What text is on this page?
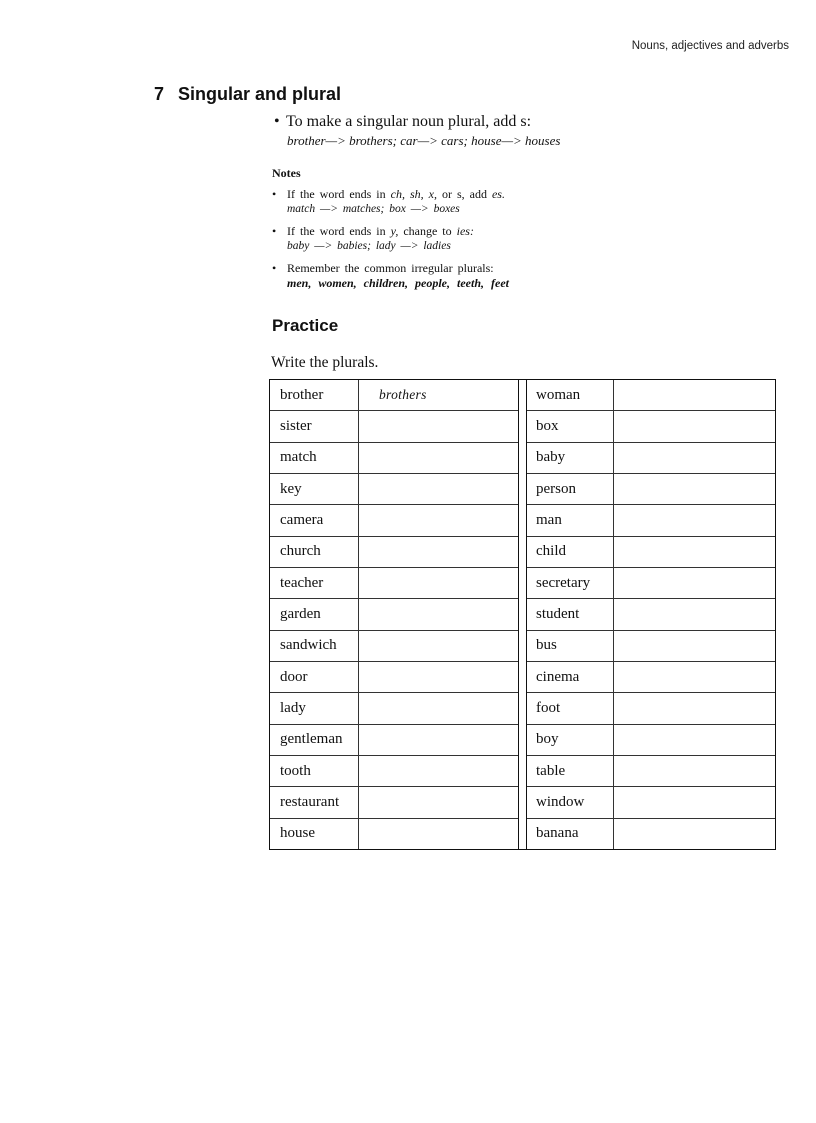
Nouns, adjectives and adverbs
7 Singular and plural
• To make a singular noun plural, add s:
brother—> brothers; car—> cars; house—> houses
Notes
• If the word ends in ch, sh, x, or s, add es.
match —> matches; box —> boxes
• If the word ends in y, change to ies:
baby —> babies; lady —> ladies
• Remember the common irregular plurals:
men, women, children, people, teeth, feet
Practice
Write the plurals.
brother	brothers
sister
match
key
camera
church
teacher
garden
sandwich
door
lady
gentleman
tooth
restaurant
house
woman
box
baby
person
man
child
secretary
student
bus
cinema
foot
boy
table
window
banana
